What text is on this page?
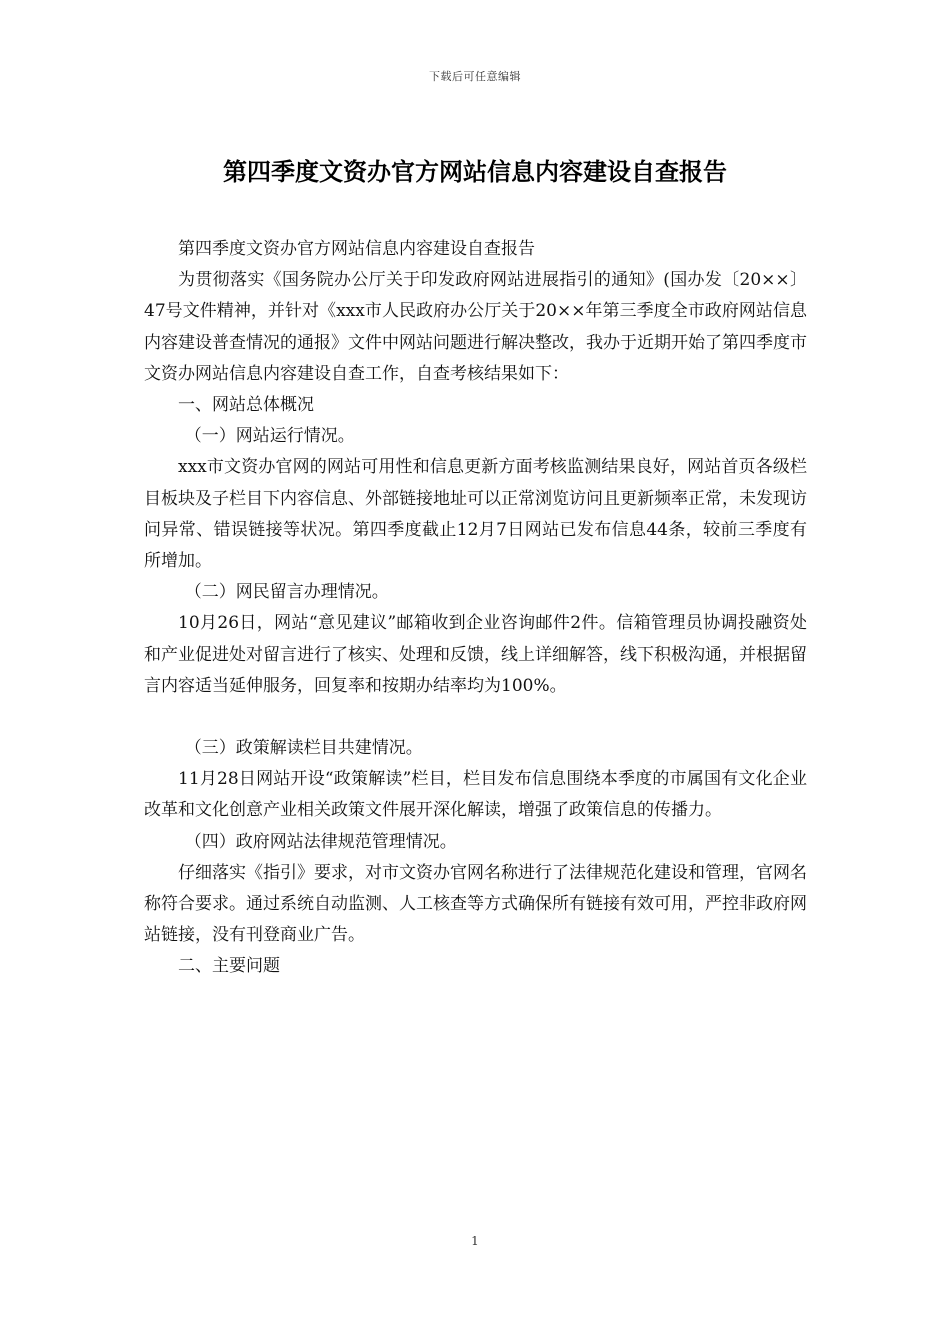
下载后可任意编辑
第四季度文资办官方网站信息内容建设自查报告

第四季度文资办官方网站信息内容建设自查报告

为贯彻落实《国务院办公厅关于印发政府网站进展指引的通知》(国办发〔20××〕47号文件精神，并针对《xxx市人民政府办公厅关于20××年第三季度全市政府网站信息内容建设普查情况的通报》文件中网站问题进行解决整改，我办于近期开始了第四季度市文资办网站信息内容建设自查工作，自查考核结果如下：

一、网站总体概况

（一）网站运行情况。

xxx市文资办官网的网站可用性和信息更新方面考核监测结果良好，网站首页各级栏目板块及子栏目下内容信息、外部链接地址可以正常浏览访问且更新频率正常，未发现访问异常、错误链接等状况。第四季度截止12月7日网站已发布信息44条，较前三季度有所增加。

（二）网民留言办理情况。

10月26日，网站“意见建议”邮箱收到企业咨询邮件2件。信箱管理员协调投融资处和产业促进处对留言进行了核实、处理和反馈，线上详细解答，线下积极沟通，并根据留言内容适当延伸服务，回复率和按期办结率均为100%。

（三）政策解读栏目共建情况。

11月28日网站开设“政策解读”栏目，栏目发布信息围绕本季度的市属国有文化企业改革和文化创意产业相关政策文件展开深化解读，增强了政策信息的传播力。

（四）政府网站法律规范管理情况。

仔细落实《指引》要求，对市文资办官网名称进行了法律规范化建设和管理，官网名称符合要求。通过系统自动监测、人工核查等方式确保所有链接有效可用，严控非政府网站链接，没有刊登商业广告。

二、主要问题

1
